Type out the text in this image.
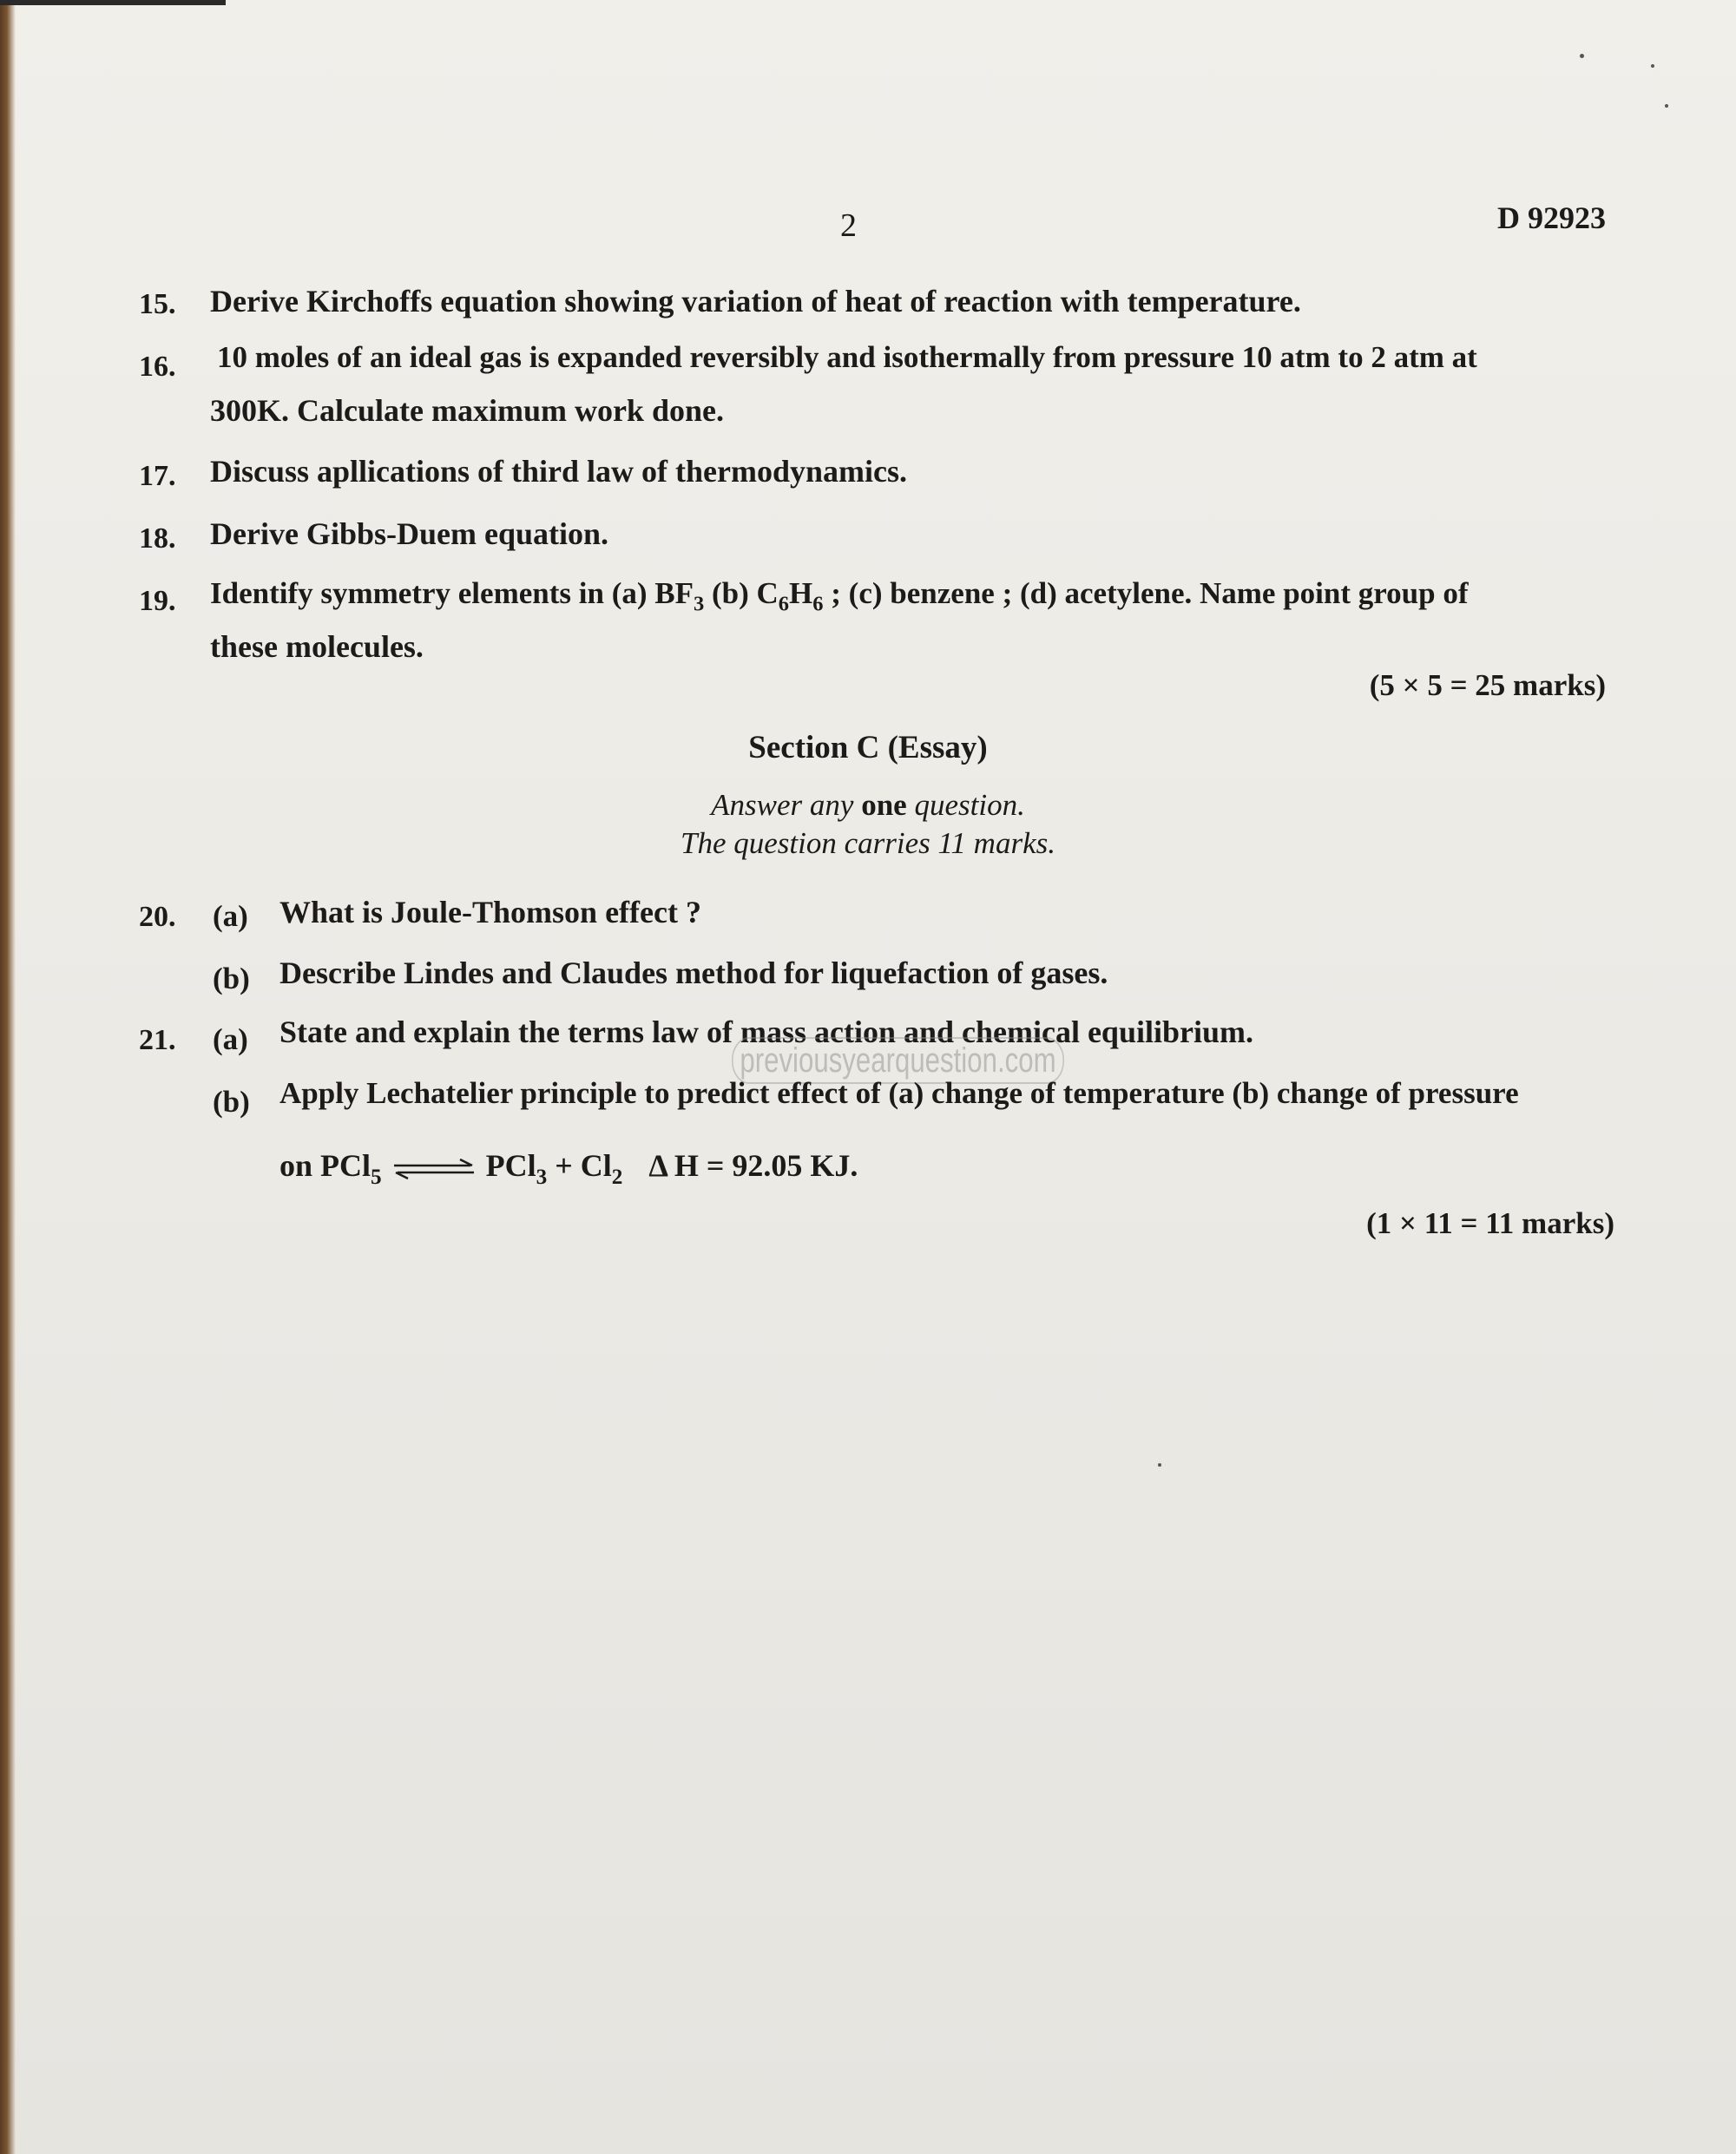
2	D 92923
15. Derive Kirchoffs equation showing variation of heat of reaction with temperature.
16. 10 moles of an ideal gas is expanded reversibly and isothermally from pressure 10 atm to 2 atm at
300K. Calculate maximum work done.
17. Discuss apllications of third law of thermodynamics.
18. Derive Gibbs-Duem equation.
19. Identify symmetry elements in (a) $BF_3$ (b) $C_6H_6$ ; (c) benzene ; (d) acetylene. Name point group of
these molecules.
(5 × 5 = 25 marks)
Section C (Essay)
Answer any one question.
The question carries 11 marks.
20. (a) What is Joule-Thomson effect ?
(b) Describe Lindes and Claudes method for liquefaction of gases.
21. (a) State and explain the terms law of mass action and chemical equilibrium.
previousyearquestion.com
(b) Apply Lechatelier principle to predict effect of (a) change of temperature (b) change of pressure
on PCl$_5$ ⇌ $PCl_3 + Cl_2$ Δ H = 92.05 KJ.
(1 × 11 = 11 marks)
